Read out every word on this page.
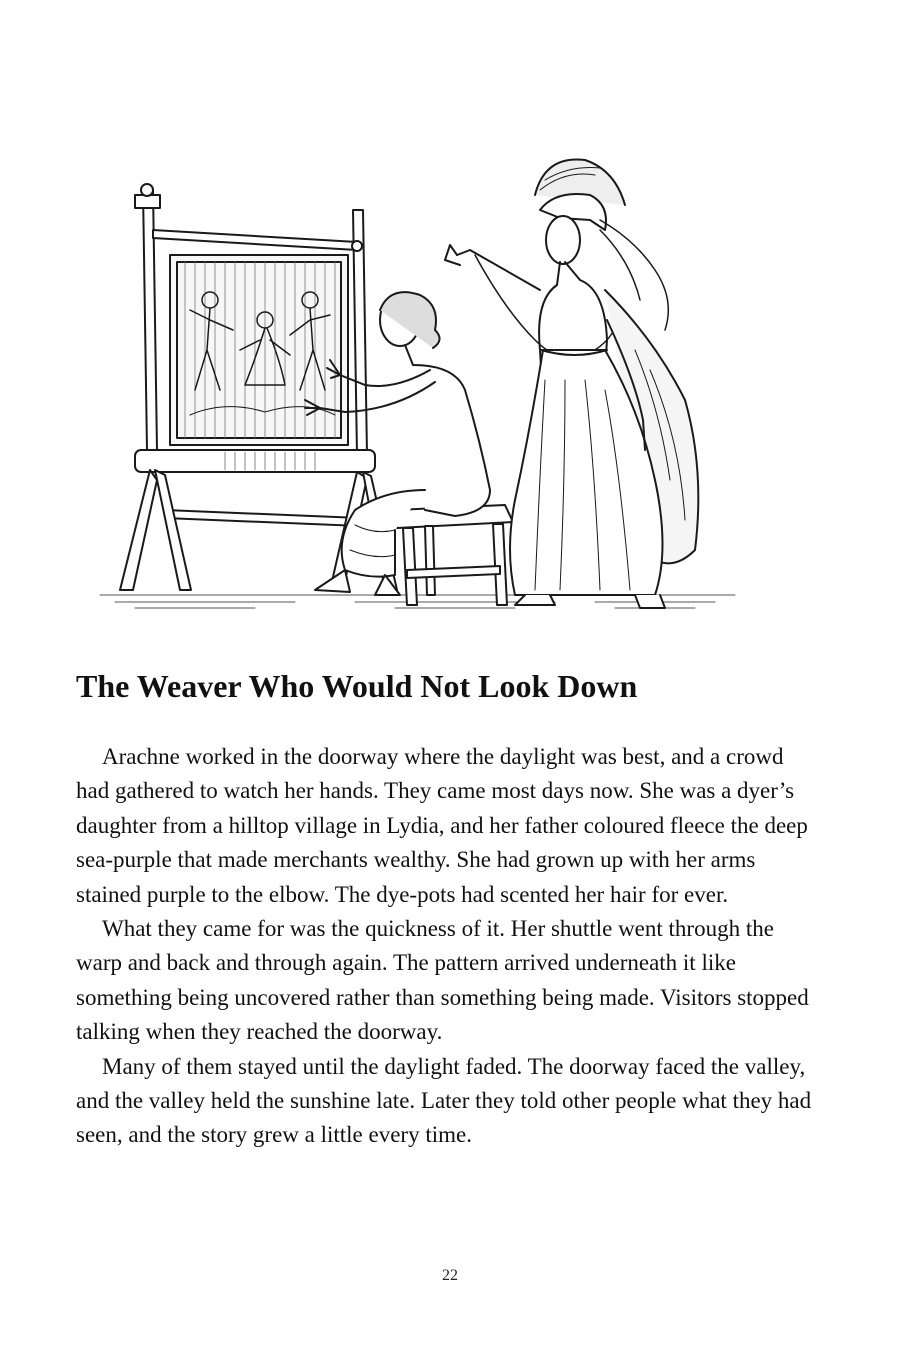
The Weaver Who Would Not Look Down

Arachne worked in the doorway where the daylight was best, and a crowd had gathered to watch her hands. They came most days now. She was a dyer’s daughter from a hilltop village in Lydia, and her father coloured fleece the deep sea-purple that made merchants wealthy. She had grown up with her arms stained purple to the elbow. The dye-pots had scented her hair for ever.

What they came for was the quickness of it. Her shuttle went through the warp and back and through again. The pattern arrived underneath it like something being uncovered rather than something being made. Visitors stopped talking when they reached the doorway.

Many of them stayed until the daylight faded. The doorway faced the valley, and the valley held the sunshine late. Later they told other people what they had seen, and the story grew a little every time.

22
